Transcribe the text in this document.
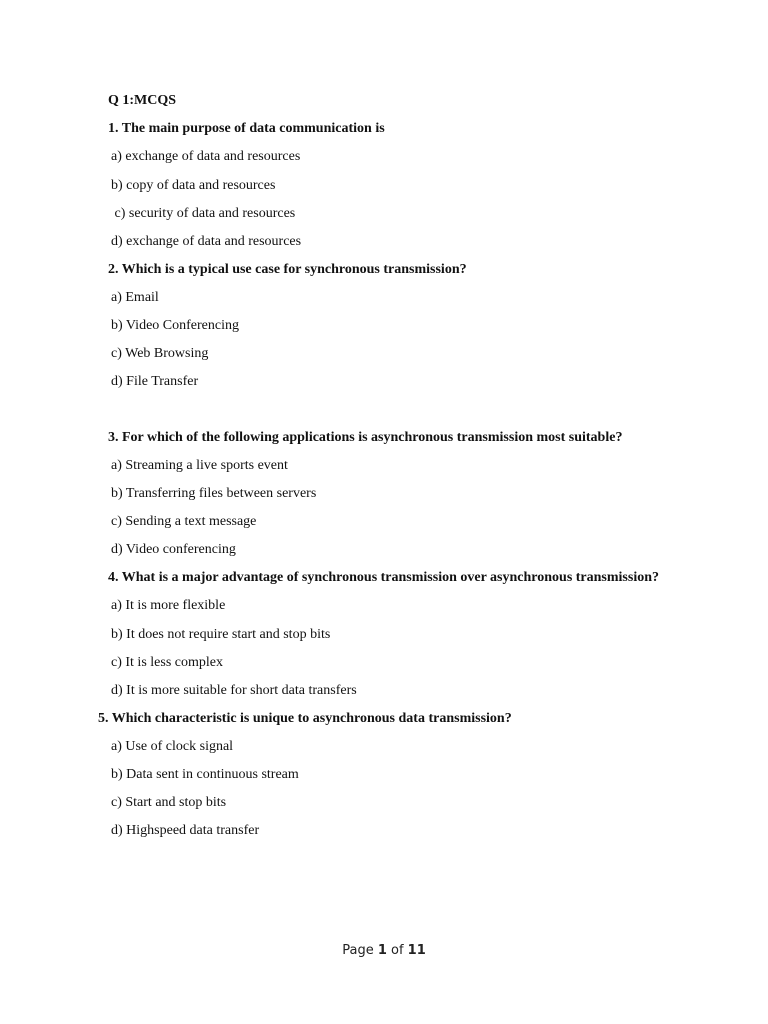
Q 1:MCQS
1. The main purpose of data communication is
a) exchange of data and resources
b) copy of data and resources
c) security of data and resources
d) exchange of data and resources
2. Which is a typical use case for synchronous transmission?
a) Email
b) Video Conferencing
c) Web Browsing
d) File Transfer
3. For which of the following applications is asynchronous transmission most suitable?
a) Streaming a live sports event
b) Transferring files between servers
c) Sending a text message
d) Video conferencing
4. What is a major advantage of synchronous transmission over asynchronous transmission?
a) It is more flexible
b) It does not require start and stop bits
c) It is less complex
d) It is more suitable for short data transfers
5. Which characteristic is unique to asynchronous data transmission?
a) Use of clock signal
b) Data sent in continuous stream
c) Start and stop bits
d) Highspeed data transfer
Page 1 of 11
